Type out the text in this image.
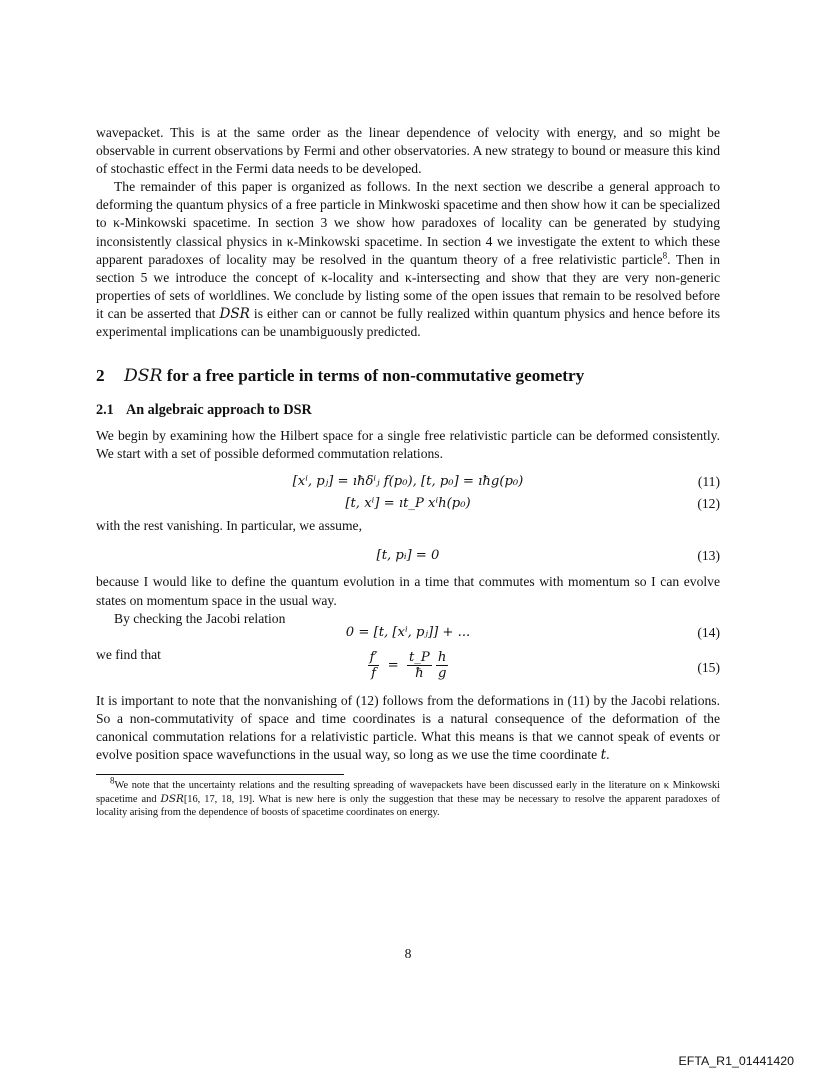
wavepacket. This is at the same order as the linear dependence of velocity with energy, and so might be observable in current observations by Fermi and other observatories. A new strategy to bound or measure this kind of stochastic effect in the Fermi data needs to be developed.

The remainder of this paper is organized as follows. In the next section we describe a general approach to deforming the quantum physics of a free particle in Minkwoski spacetime and then show how it can be specialized to κ-Minkowski spacetime. In section 3 we show how paradoxes of locality can be generated by studying inconsistently classical physics in κ-Minkowski spacetime. In section 4 we investigate the extent to which these apparent paradoxes of locality may be resolved in the quantum theory of a free relativistic particle$^8$. Then in section 5 we introduce the concept of κ-locality and κ-intersecting and show that they are very non-generic properties of sets of worldlines. We conclude by listing some of the open issues that remain to be resolved before it can be asserted that DSR is either can or cannot be fully realized within quantum physics and hence before its experimental implications can be unambiguously predicted.

2 DSR for a free particle in terms of non-commutative geometry
2.1 An algebraic approach to DSR

We begin by examining how the Hilbert space for a single free relativistic particle can be deformed consistently. We start with a set of possible deformed commutation relations.

[xⁱ, pⱼ] = ıħδⁱⱼ f(p₀), [t, p₀] = ıħg(p₀)	(11)
[t, xⁱ] = ıt_P xⁱh(p₀)	(12)

with the rest vanishing. In particular, we assume,

[t, pᵢ] = 0	(13)

because I would like to define the quantum evolution in a time that commutes with momentum so I can evolve states on momentum space in the usual way.

By checking the Jacobi relation

0 = [t, [xⁱ, pⱼ]] + ...	(14)

we find that	$\frac{f'}{f} = \frac{t\_P}{ħ}$
$\frac{h}{g}$	(15)

It is important to note that the nonvanishing of (12) follows from the deformations in (11) by the Jacobi relations. So a non-commutativity of space and time coordinates is a natural consequence of the deformation of the canonical commutation relations for a relativistic particle. What this means is that we cannot speak of events or evolve position space wavefunctions in the usual way, so long as we use the time coordinate t.

$^8$We note that the uncertainty relations and the resulting spreading of wavepackets have been discussed early in the literature on κ Minkowski spacetime and DSR[16, 17, 18, 19]. What is new here is only the suggestion that these may be necessary to resolve the apparent paradoxes of locality arising from the dependence of boosts of spacetime coordinates on energy.
8
EFTA_R1_01441420
